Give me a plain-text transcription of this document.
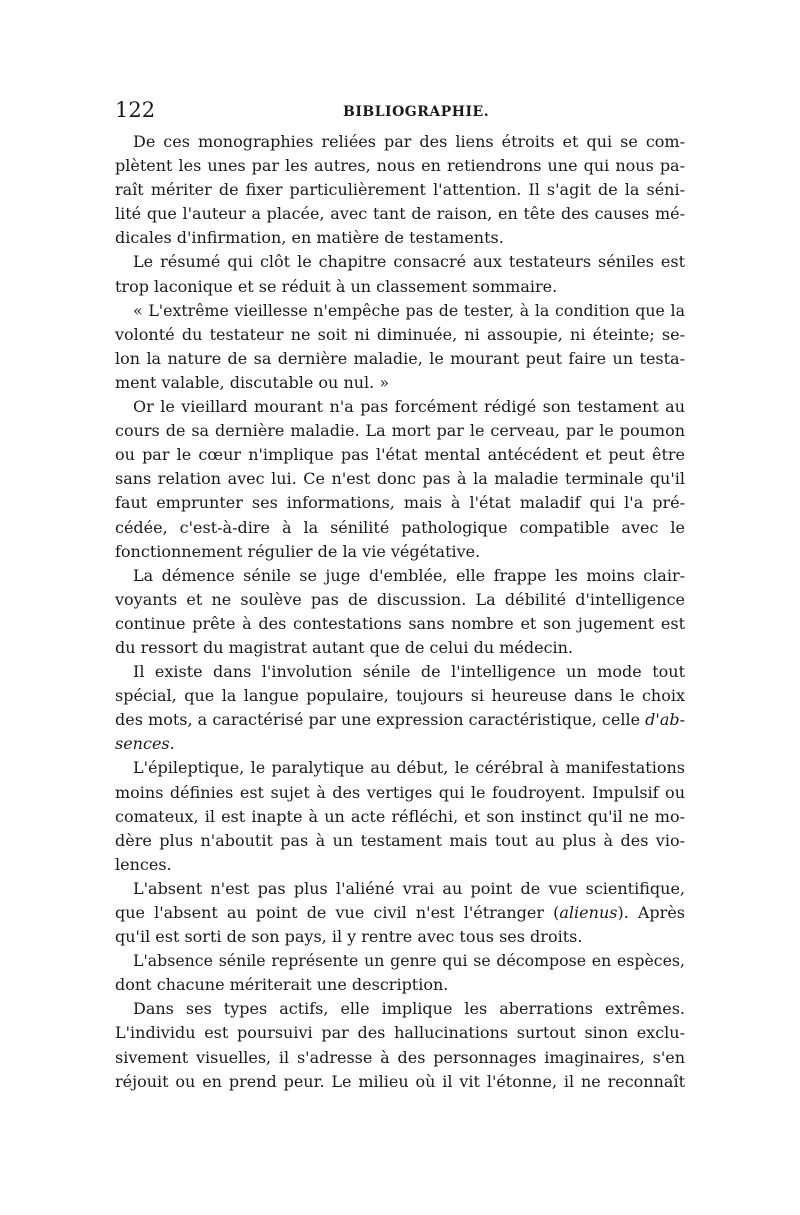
122	BIBLIOGRAPHIE.
De ces monographies reliées par des liens étroits et qui se com-
plètent les unes par les autres, nous en retiendrons une qui nous pa-
raît mériter de fixer particulièrement l'attention. Il s'agit de la séni-
lité que l'auteur a placée, avec tant de raison, en tête des causes mé-
dicales d'infirmation, en matière de testaments.
Le résumé qui clôt le chapitre consacré aux testateurs séniles est
trop laconique et se réduit à un classement sommaire.
« L'extrême vieillesse n'empêche pas de tester, à la condition que la
volonté du testateur ne soit ni diminuée, ni assoupie, ni éteinte; se-
lon la nature de sa dernière maladie, le mourant peut faire un testa-
ment valable, discutable ou nul. »
Or le vieillard mourant n'a pas forcément rédigé son testament au
cours de sa dernière maladie. La mort par le cerveau, par le poumon
ou par le cœur n'implique pas l'état mental antécédent et peut être
sans relation avec lui. Ce n'est donc pas à la maladie terminale qu'il
faut emprunter ses informations, mais à l'état maladif qui l'a pré-
cédée, c'est-à-dire à la sénilité pathologique compatible avec le
fonctionnement régulier de la vie végétative.
La démence sénile se juge d'emblée, elle frappe les moins clair-
voyants et ne soulève pas de discussion. La débilité d'intelligence
continue prête à des contestations sans nombre et son jugement est
du ressort du magistrat autant que de celui du médecin.
Il existe dans l'involution sénile de l'intelligence un mode tout
spécial, que la langue populaire, toujours si heureuse dans le choix
des mots, a caractérisé par une expression caractéristique, celle d'ab-
sences.
L'épileptique, le paralytique au début, le cérébral à manifestations
moins définies est sujet à des vertiges qui le foudroyent. Impulsif ou
comateux, il est inapte à un acte réfléchi, et son instinct qu'il ne mo-
dère plus n'aboutit pas à un testament mais tout au plus à des vio-
lences.
L'absent n'est pas plus l'aliéné vrai au point de vue scientifique,
que l'absent au point de vue civil n'est l'étranger (alienus). Après
qu'il est sorti de son pays, il y rentre avec tous ses droits.
L'absence sénile représente un genre qui se décompose en espèces,
dont chacune mériterait une description.
Dans ses types actifs, elle implique les aberrations extrêmes.
L'individu est poursuivi par des hallucinations surtout sinon exclu-
sivement visuelles, il s'adresse à des personnages imaginaires, s'en
réjouit ou en prend peur. Le milieu où il vit l'étonne, il ne reconnaît
